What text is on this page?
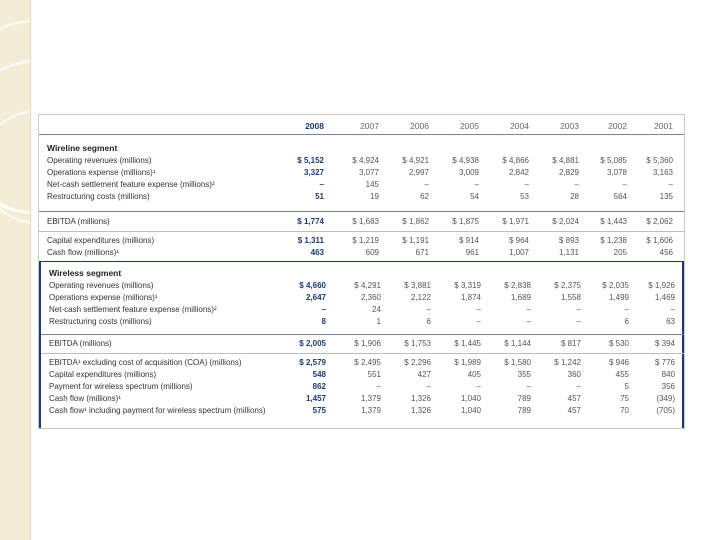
2008	2007	2006	2005	2004	2003	2002	2001
Wireline segment
Operating revenues (millions)	$ 5,152	$ 4,924	$ 4,921	$ 4,938	$ 4,866	$ 4,881	$ 5,085	$ 5,360
Operations expense (millions)¹	3,327	3,077	2,997	3,009	2,842	2,829	3,078	3,163
Net-cash settlement feature expense (millions)²	–	145	–	–	–	–	–	–
Restructuring costs (millions)	51	19	62	54	53	28	564	135
EBITDA (millions)	$ 1,774	$ 1,683	$ 1,862	$ 1,875	$ 1,971	$ 2,024	$ 1,443	$ 2,062
Capital expenditures (millions)	$ 1,311	$ 1,219	$ 1,191	$ 914	$ 964	$ 893	$ 1,238	$ 1,606
Cash flow (millions)¹	463	609	671	961	1,007	1,131	205	456
Wireless segment
Operating revenues (millions)	$ 4,660	$ 4,291	$ 3,881	$ 3,319	$ 2,838	$ 2,375	$ 2,035	$ 1,926
Operations expense (millions)¹	2,647	2,360	2,122	1,874	1,689	1,558	1,499	1,469
Net-cash settlement feature expense (millions)²	–	24	–	–	–	–	–	–
Restructuring costs (millions)	8	1	6	–	–	–	6	63
EBITDA (millions)	$ 2,005	$ 1,906	$ 1,753	$ 1,445	$ 1,144	$ 817	$ 530	$ 394
EBITDA¹ excluding cost of acquisition (COA) (millions)	$ 2,579	$ 2,495	$ 2,296	$ 1,989	$ 1,580	$ 1,242	$ 946	$ 776
Capital expenditures (millions)	548	551	427	405	355	360	455	840
Payment for wireless spectrum (millions)	862	–	–	–	–	–	5	356
Cash flow (millions)¹	1,457	1,379	1,326	1,040	789	457	75	(349)
Cash flow¹ including payment for wireless spectrum (millions)	575	1,379	1,326	1,040	789	457	70	(705)
